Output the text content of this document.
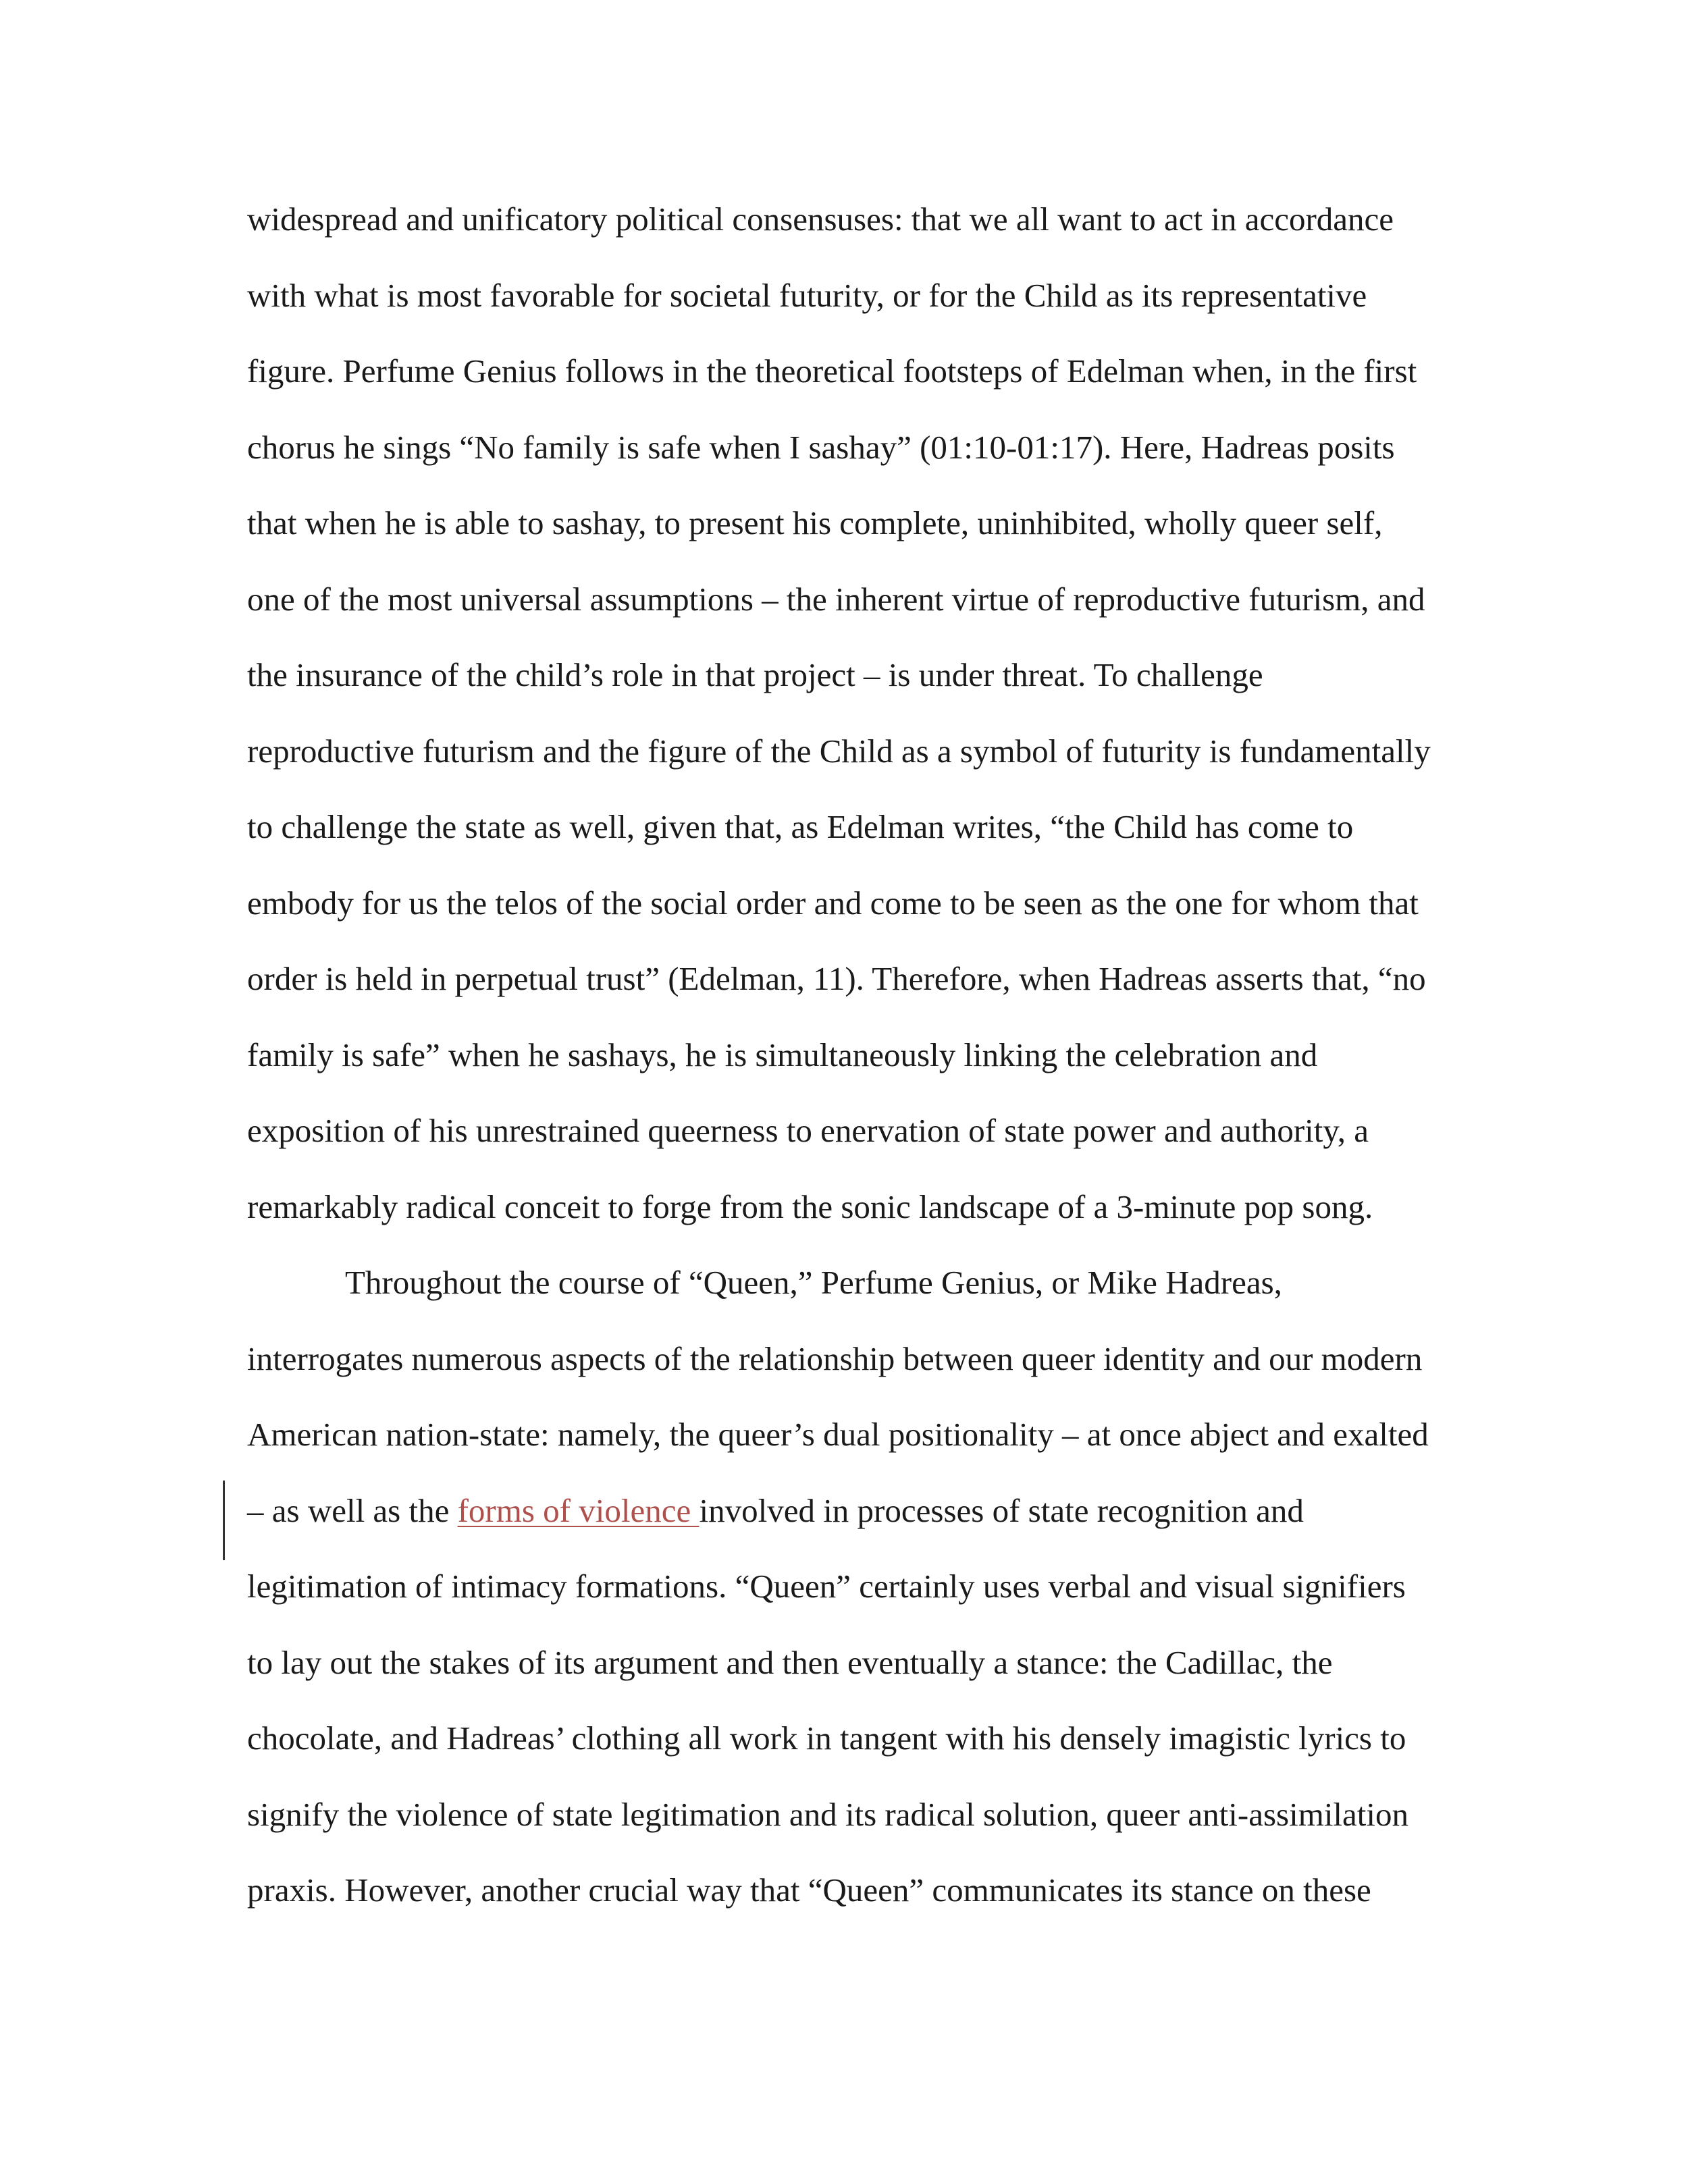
widespread and unificatory political consensuses: that we all want to act in accordance
with what is most favorable for societal futurity, or for the Child as its representative
figure. Perfume Genius follows in the theoretical footsteps of Edelman when, in the first
chorus he sings “No family is safe when I sashay” (01:10-01:17). Here, Hadreas posits
that when he is able to sashay, to present his complete, uninhibited, wholly queer self,
one of the most universal assumptions – the inherent virtue of reproductive futurism, and
the insurance of the child’s role in that project – is under threat. To challenge
reproductive futurism and the figure of the Child as a symbol of futurity is fundamentally
to challenge the state as well, given that, as Edelman writes, “the Child has come to
embody for us the telos of the social order and come to be seen as the one for whom that
order is held in perpetual trust” (Edelman, 11). Therefore, when Hadreas asserts that, “no
family is safe” when he sashays, he is simultaneously linking the celebration and
exposition of his unrestrained queerness to enervation of state power and authority, a
remarkably radical conceit to forge from the sonic landscape of a 3-minute pop song.
Throughout the course of “Queen,” Perfume Genius, or Mike Hadreas,
interrogates numerous aspects of the relationship between queer identity and our modern
American nation-state: namely, the queer’s dual positionality – at once abject and exalted
– as well as the forms of violence involved in processes of state recognition and
legitimation of intimacy formations. “Queen” certainly uses verbal and visual signifiers
to lay out the stakes of its argument and then eventually a stance: the Cadillac, the
chocolate, and Hadreas’ clothing all work in tangent with his densely imagistic lyrics to
signify the violence of state legitimation and its radical solution, queer anti-assimilation
praxis. However, another crucial way that “Queen” communicates its stance on these
